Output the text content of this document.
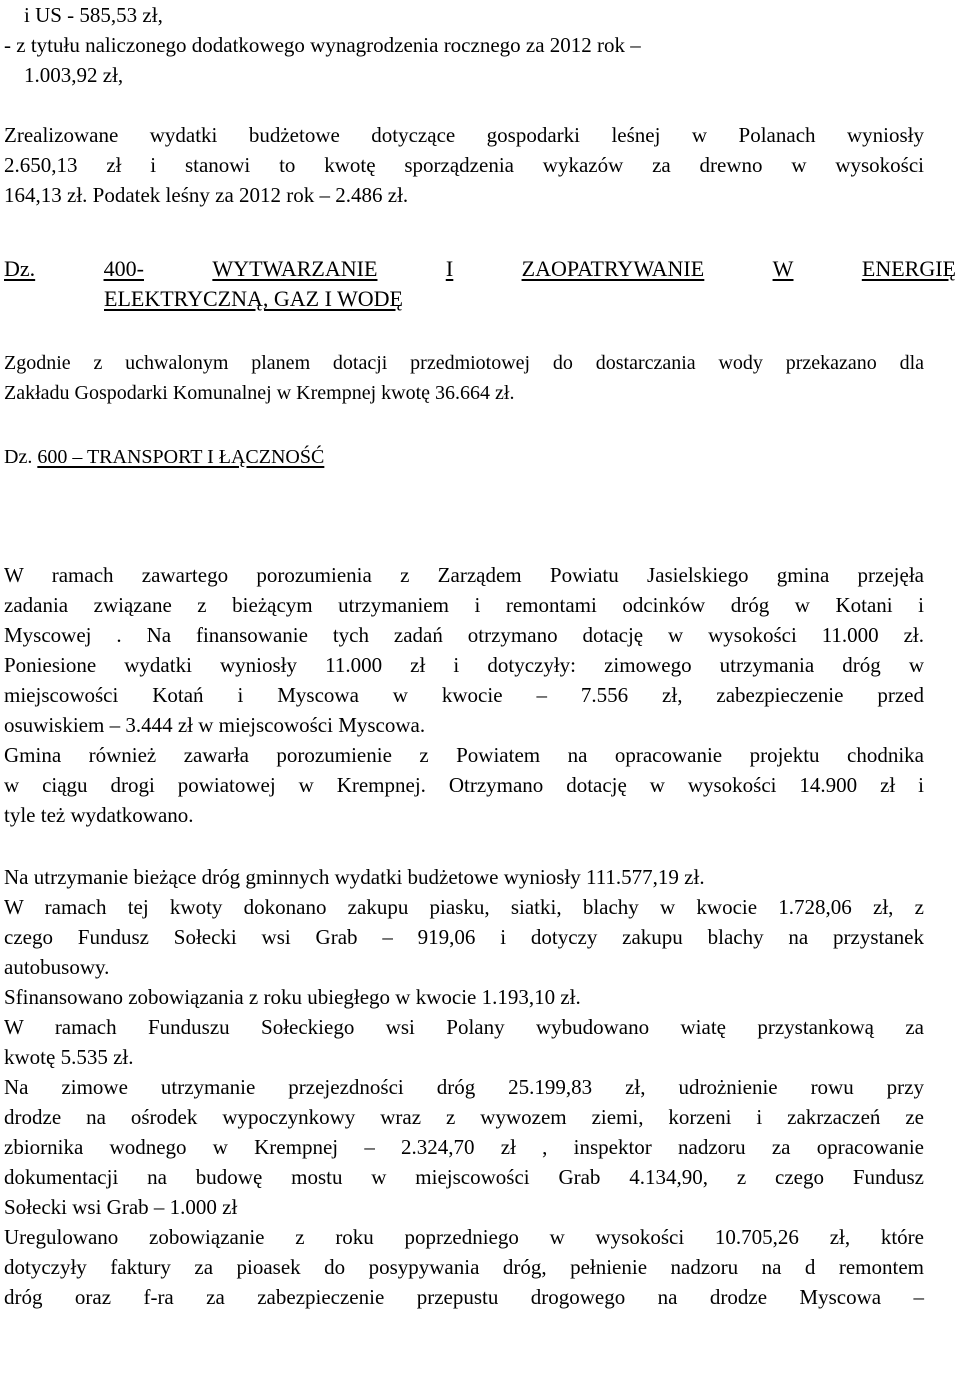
i US - 585,53 zł,
- z tytułu naliczonego dodatkowego wynagrodzenia rocznego za 2012 rok –
1.003,92 zł,
Zrealizowane wydatki budżetowe dotyczące gospodarki leśnej w Polanach wyniosły
2.650,13 zł i stanowi to kwotę sporządzenia wykazów za drewno w wysokości
164,13 zł. Podatek leśny za 2012 rok – 2.486 zł.
Dz.	400-	WYTWARZANIE	I	ZAOPATRYWANIE	W	ENERGIĘ
ELEKTRYCZNĄ, GAZ I WODĘ
Zgodnie z uchwalonym planem dotacji przedmiotowej do dostarczania wody przekazano dla
Zakładu Gospodarki Komunalnej w Krempnej kwotę 36.664 zł.
Dz. 600 – TRANSPORT I ŁĄCZNOŚĆ
W ramach zawartego porozumienia z Zarządem Powiatu Jasielskiego gmina przejęła
zadania związane z bieżącym utrzymaniem i remontami odcinków dróg w Kotani i
Myscowej . Na finansowanie tych zadań otrzymano dotację w wysokości 11.000 zł.
Poniesione wydatki wyniosły 11.000 zł i dotyczyły: zimowego utrzymania dróg w
miejscowości Kotań i Myscowa w kwocie – 7.556 zł, zabezpieczenie przed
osuwiskiem – 3.444 zł w miejscowości Myscowa.
Gmina również zawarła porozumienie z Powiatem na opracowanie projektu chodnika
w ciągu drogi powiatowej w Krempnej. Otrzymano dotację w wysokości 14.900 zł i
tyle też wydatkowano.
Na utrzymanie bieżące dróg gminnych wydatki budżetowe wyniosły 111.577,19 zł.
W ramach tej kwoty dokonano zakupu piasku, siatki, blachy w kwocie 1.728,06 zł, z
czego Fundusz Sołecki wsi Grab – 919,06 i dotyczy zakupu blachy na przystanek
autobusowy.
Sfinansowano zobowiązania z roku ubiegłego w kwocie 1.193,10 zł.
W ramach Funduszu Sołeckiego wsi Polany wybudowano wiatę przystankową za
kwotę 5.535 zł.
Na zimowe utrzymanie przejezdności dróg 25.199,83 zł, udrożnienie rowu przy
drodze na ośrodek wypoczynkowy wraz z wywozem ziemi, korzeni i zakrzaczeń ze
zbiornika wodnego w Krempnej – 2.324,70 zł , inspektor nadzoru za opracowanie
dokumentacji na budowę mostu w miejscowości Grab 4.134,90, z czego Fundusz
Sołecki wsi Grab – 1.000 zł
Uregulowano zobowiązanie z roku poprzedniego w wysokości 10.705,26 zł, które
dotyczyły faktury za pioasek do posypywania dróg, pełnienie nadzoru na d remontem
dróg oraz f-ra za zabezpieczenie przepustu drogowego na drodze Myscowa –
